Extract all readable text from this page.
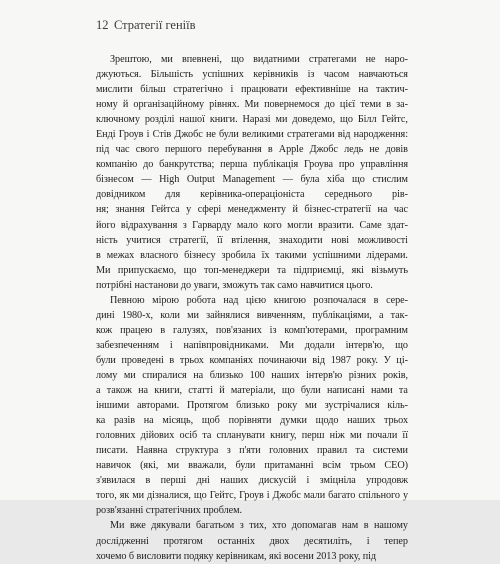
12 Стратегії геніїв
Зрештою, ми впевнені, що видатними стратегами не наро-
джуються. Більшість успішних керівників із часом навчаються
мислити більш стратегічно і працювати ефективніше на тактич-
ному й організаційному рівнях. Ми повернемося до цієї теми в за-
ключному розділі нашої книги. Наразі ми доведемо, що Білл Гейтс,
Енді Гроув і Стів Джобс не були великими стратегами від народження:
під час свого першого перебування в Apple Джобс ледь не довів
компанію до банкрутства; перша публікація Гроува про управління
бізнесом — High Output Management — була хіба що стислим
довідником для керівника-операціоніста середнього рів-
ня; знання Гейтса у сфері менеджменту й бізнес-стратегії на час
його відрахування з Гарварду мало кого могли вразити. Саме здат-
ність учитися стратегії, її втілення, знаходити нові можливості
в межах власного бізнесу зробила їх такими успішними лідерами.
Ми припускаємо, що топ-менеджери та підприємці, які візьмуть
потрібні настанови до уваги, зможуть так само навчитися цього.
Певною мірою робота над цією книгою розпочалася в сере-
дині 1980-х, коли ми зайнялися вивченням, публікаціями, а так-
кож працею в галузях, пов'язаних із комп'ютерами, програмним
забезпеченням і напівпровідниками. Ми додали інтерв'ю, що
були проведені в трьох компаніях починаючи від 1987 року. У ці-
лому ми спиралися на близько 100 наших інтерв'ю різних років,
а також на книги, статті й матеріали, що були написані нами та
іншими авторами. Протягом близько року ми зустрічалися кіль-
ка разів на місяць, щоб порівняти думки щодо наших трьох
головних дійових осіб та спланувати книгу, перш ніж ми почали її
писати. Наявна структура з п'яти головних правил та системи
навичок (які, ми вважали, були притаманні всім трьом CEO)
з'явилася в перші дні наших дискусій і зміцніла упродовж
того, як ми дізналися, що Гейтс, Гроув і Джобс мали багато спільного у
розв'язанні стратегічних проблем.
Ми вже дякували багатьом з тих, хто допомагав нам в нашому
дослідженні протягом останніх двох десятиліть, і тепер
хочемо б висловити подяку керівникам, які восени 2013 року, під
